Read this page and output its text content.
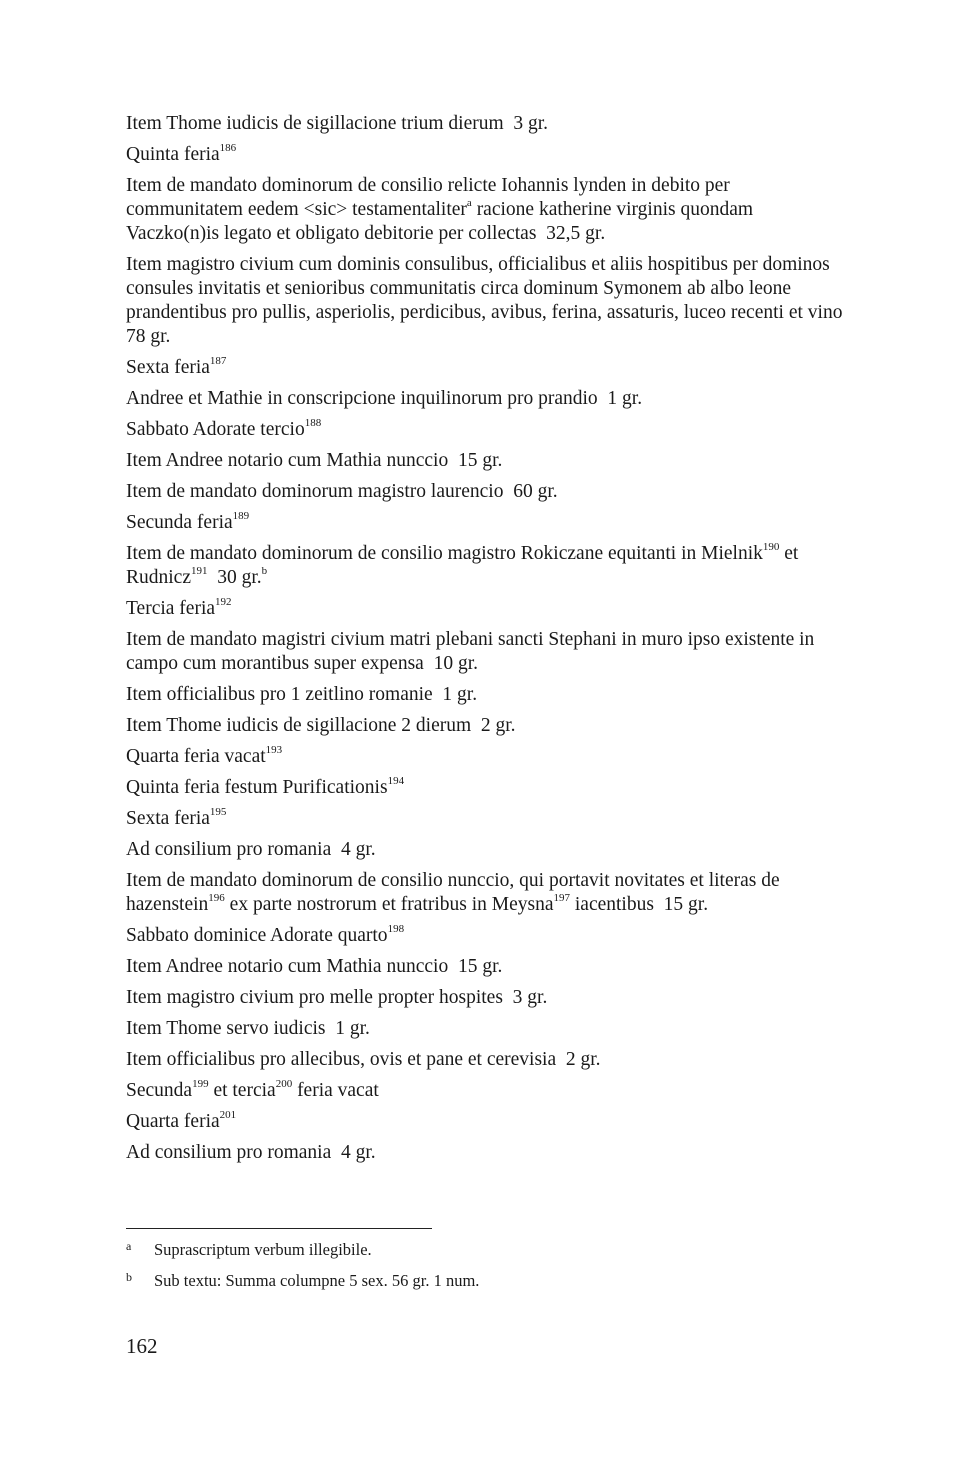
Item Thome iudicis de sigillacione trium dierum  3 gr.

Quinta feria$^{186}$

Item de mandato dominorum de consilio relicte Iohannis lynden in debito per communitatem eedem <sic> testamentaliter$^a$ racione katherine virginis quondam Vaczko(n)is legato et obligato debitorie per collectas  32,5 gr.

Item magistro civium cum dominis consulibus, officialibus et aliis hospitibus per dominos consules invitatis et senioribus communitatis circa dominum Symonem ab albo leone prandentibus pro pullis, asperiolis, perdicibus, avibus, ferina, assaturis, luceo recenti et vino  78 gr.

Sexta feria$^{187}$

Andree et Mathie in conscripcione inquilinorum pro prandio  1 gr.

Sabbato Adorate tercio$^{188}$

Item Andree notario cum Mathia nunccio  15 gr.

Item de mandato dominorum magistro laurencio  60 gr.

Secunda feria$^{189}$

Item de mandato dominorum de consilio magistro Rokiczane equitanti in Mielnik$^{190}$ et Rudnicz$^{191}$  30 gr.$^b$

Tercia feria$^{192}$

Item de mandato magistri civium matri plebani sancti Stephani in muro ipso existente in campo cum morantibus super expensa  10 gr.

Item officialibus pro 1 zeitlino romanie  1 gr.

Item Thome iudicis de sigillacione 2 dierum  2 gr.

Quarta feria vacat$^{193}$

Quinta feria festum Purificationis$^{194}$

Sexta feria$^{195}$

Ad consilium pro romania  4 gr.

Item de mandato dominorum de consilio nunccio, qui portavit novitates et literas de hazenstein$^{196}$ ex parte nostrorum et fratribus in Meysna$^{197}$ iacentibus  15 gr.

Sabbato dominice Adorate quarto$^{198}$

Item Andree notario cum Mathia nunccio  15 gr.

Item magistro civium pro melle propter hospites  3 gr.

Item Thome servo iudicis  1 gr.

Item officialibus pro allecibus, ovis et pane et cerevisia  2 gr.

Secunda$^{199}$ et tercia$^{200}$ feria vacat

Quarta feria$^{201}$

Ad consilium pro romania  4 gr.

a	Suprascriptum verbum illegibile.
b	Sub textu: Summa columpne 5 sex. 56 gr. 1 num.
162
